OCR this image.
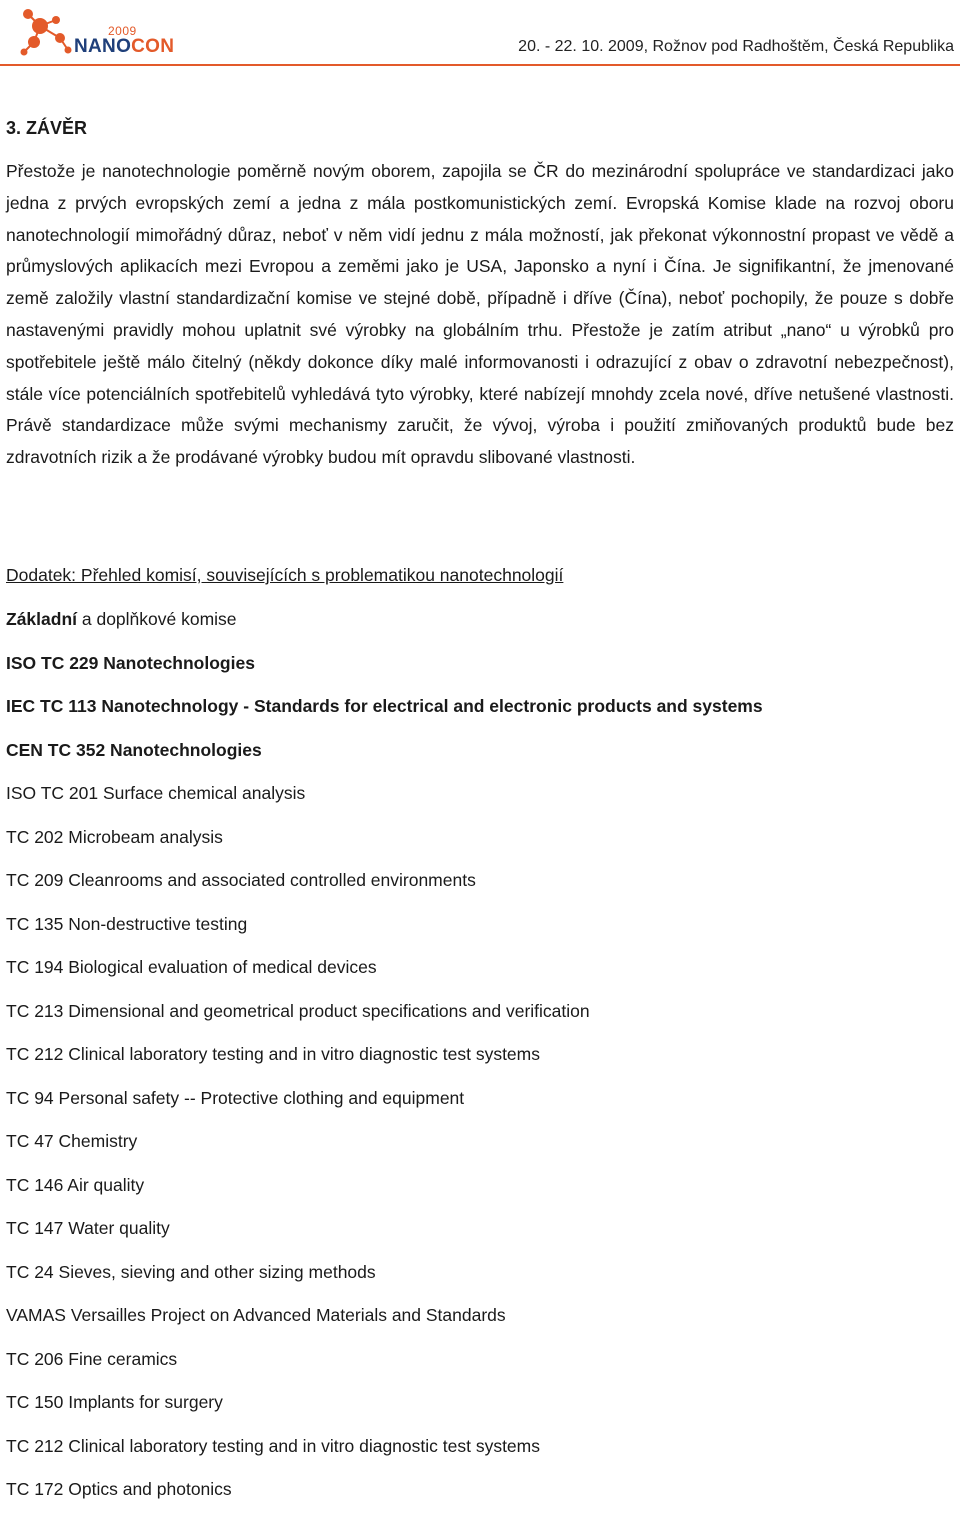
2009
NANOCON	20. - 22. 10. 2009, Rožnov pod Radhoštěm, Česká Republika
3. ZÁVĚR

Přestože je nanotechnologie poměrně novým oborem, zapojila se ČR do mezinárodní spolupráce ve standardizaci jako jedna z prvých evropských zemí a jedna z mála postkomunistických zemí. Evropská Komise klade na rozvoj oboru nanotechnologií mimořádný důraz, neboť v něm vidí jednu z mála možností, jak překonat výkonnostní propast ve vědě a průmyslových aplikacích mezi Evropou a zeměmi jako je USA, Japonsko a nyní i Čína. Je signifikantní, že jmenované země založily vlastní standardizační komise ve stejné době, případně i dříve (Čína), neboť pochopily, že pouze s dobře nastavenými pravidly mohou uplatnit své výrobky na globálním trhu. Přestože je zatím atribut „nano“ u výrobků pro spotřebitele ještě málo čitelný (někdy dokonce díky malé informovanosti i odrazující z obav o zdravotní nebezpečnost), stále více potenciálních spotřebitelů vyhledává tyto výrobky, které nabízejí mnohdy zcela nové, dříve netušené vlastnosti. Právě standardizace může svými mechanismy zaručit, že vývoj, výroba i použití zmiňovaných produktů bude bez zdravotních rizik a že prodávané výrobky budou mít opravdu slibované vlastnosti.

Dodatek: Přehled komisí, souvisejících s problematikou nanotechnologií
Základní a doplňkové komise
ISO TC 229 Nanotechnologies
IEC TC 113 Nanotechnology - Standards for electrical and electronic products and systems
CEN TC 352 Nanotechnologies
ISO TC 201 Surface chemical analysis
TC 202 Microbeam analysis
TC 209 Cleanrooms and associated controlled environments
TC 135 Non-destructive testing
TC 194 Biological evaluation of medical devices
TC 213 Dimensional and geometrical product specifications and verification
TC 212 Clinical laboratory testing and in vitro diagnostic test systems
TC 94 Personal safety -- Protective clothing and equipment
TC 47 Chemistry
TC 146 Air quality
TC 147 Water quality
TC 24 Sieves, sieving and other sizing methods
VAMAS Versailles Project on Advanced Materials and Standards
TC 206 Fine ceramics
TC 150 Implants for surgery
TC 212 Clinical laboratory testing and in vitro diagnostic test systems
TC 172 Optics and photonics
